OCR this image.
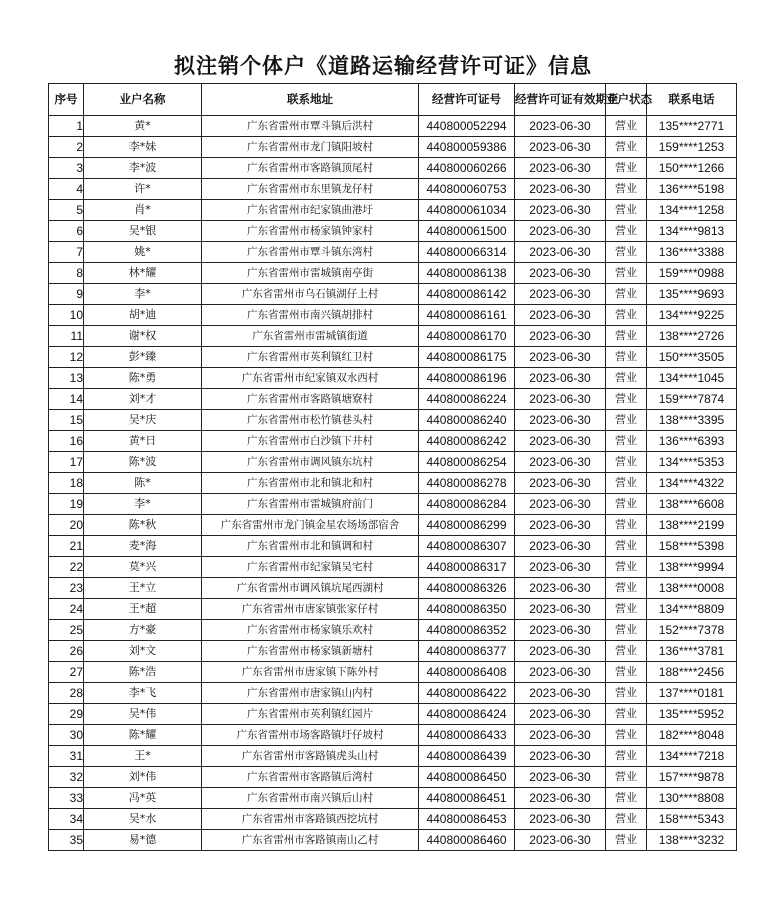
拟注销个体户《道路运输经营许可证》信息
序号	业户名称	联系地址	经营许可证号	经营许可证有效期至	业户状态	联系电话
1	黄*	广东省雷州市覃斗镇后洪村	440800052294	2023-06-30	营业	135****2771
2	李*妹	广东省雷州市龙门镇阳坡村	440800059386	2023-06-30	营业	159****1253
3	李*波	广东省雷州市客路镇顶尾村	440800060266	2023-06-30	营业	150****1266
4	许*	广东省雷州市东里镇龙仔村	440800060753	2023-06-30	营业	136****5198
5	肖*	广东省雷州市纪家镇曲港圩	440800061034	2023-06-30	营业	134****1258
6	吴*银	广东省雷州市杨家镇钟家村	440800061500	2023-06-30	营业	134****9813
7	姚*	广东省雷州市覃斗镇东湾村	440800066314	2023-06-30	营业	136****3388
8	林*耀	广东省雷州市雷城镇南亭街	440800086138	2023-06-30	营业	159****0988
9	李*	广东省雷州市乌石镇湖仔上村	440800086142	2023-06-30	营业	135****9693
10	胡*迪	广东省雷州市南兴镇胡排村	440800086161	2023-06-30	营业	134****9225
11	谢*权	广东省雷州市雷城镇街道	440800086170	2023-06-30	营业	138****2726
12	彭*臻	广东省雷州市英利镇红卫村	440800086175	2023-06-30	营业	150****3505
13	陈*勇	广东省雷州市纪家镇双水西村	440800086196	2023-06-30	营业	134****1045
14	刘*才	广东省雷州市客路镇塘寮村	440800086224	2023-06-30	营业	159****7874
15	吴*庆	广东省雷州市松竹镇巷头村	440800086240	2023-06-30	营业	138****3395
16	黄*日	广东省雷州市白沙镇下井村	440800086242	2023-06-30	营业	136****6393
17	陈*波	广东省雷州市调风镇东坑村	440800086254	2023-06-30	营业	134****5353
18	陈*	广东省雷州市北和镇北和村	440800086278	2023-06-30	营业	134****4322
19	李*	广东省雷州市雷城镇府前门	440800086284	2023-06-30	营业	138****6608
20	陈*秋	广东省雷州市龙门镇金星农场场部宿舍	440800086299	2023-06-30	营业	138****2199
21	麦*海	广东省雷州市北和镇调和村	440800086307	2023-06-30	营业	158****5398
22	莫*兴	广东省雷州市纪家镇吴宅村	440800086317	2023-06-30	营业	138****9994
23	王*立	广东省雷州市调风镇坑尾西湖村	440800086326	2023-06-30	营业	138****0008
24	王*超	广东省雷州市唐家镇张家仔村	440800086350	2023-06-30	营业	134****8809
25	方*豪	广东省雷州市杨家镇乐欢村	440800086352	2023-06-30	营业	152****7378
26	刘*文	广东省雷州市杨家镇新塘村	440800086377	2023-06-30	营业	136****3781
27	陈*浩	广东省雷州市唐家镇下陈外村	440800086408	2023-06-30	营业	188****2456
28	李*飞	广东省雷州市唐家镇山内村	440800086422	2023-06-30	营业	137****0181
29	吴*伟	广东省雷州市英利镇红园片	440800086424	2023-06-30	营业	135****5952
30	陈*耀	广东省雷州市场客路镇圩仔坡村	440800086433	2023-06-30	营业	182****8048
31	王*	广东省雷州市客路镇虎头山村	440800086439	2023-06-30	营业	134****7218
32	刘*伟	广东省雷州市客路镇后湾村	440800086450	2023-06-30	营业	157****9878
33	冯*英	广东省雷州市南兴镇后山村	440800086451	2023-06-30	营业	130****8808
34	吴*水	广东省雷州市客路镇西挖坑村	440800086453	2023-06-30	营业	158****5343
35	易*德	广东省雷州市客路镇南山乙村	440800086460	2023-06-30	营业	138****3232
